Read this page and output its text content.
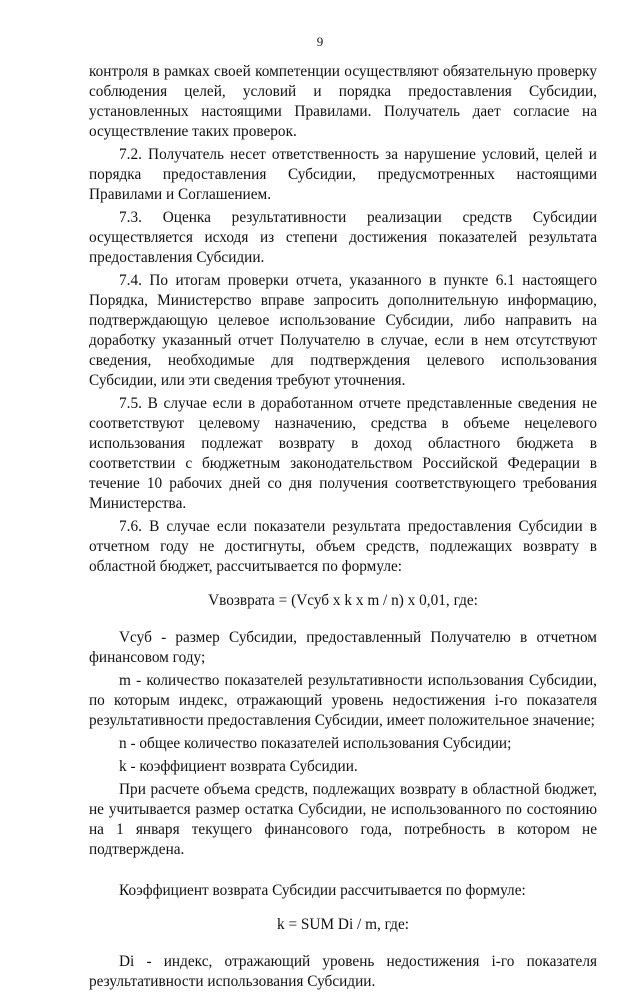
9

контроля в рамках своей компетенции осуществляют обязательную проверку соблюдения целей, условий и порядка предоставления Субсидии, установленных настоящими Правилами. Получатель дает согласие на осуществление таких проверок.

7.2. Получатель несет ответственность за нарушение условий, целей и порядка предоставления Субсидии, предусмотренных настоящими Правилами и Соглашением.

7.3. Оценка результативности реализации средств Субсидии осуществляется исходя из степени достижения показателей результата предоставления Субсидии.

7.4. По итогам проверки отчета, указанного в пункте 6.1 настоящего Порядка, Министерство вправе запросить дополнительную информацию, подтверждающую целевое использование Субсидии, либо направить на доработку указанный отчет Получателю в случае, если в нем отсутствуют сведения, необходимые для подтверждения целевого использования Субсидии, или эти сведения требуют уточнения.

7.5. В случае если в доработанном отчете представленные сведения не соответствуют целевому назначению, средства в объеме нецелевого использования подлежат возврату в доход областного бюджета в соответствии с бюджетным законодательством Российской Федерации в течение 10 рабочих дней со дня получения соответствующего требования Министерства.

7.6. В случае если показатели результата предоставления Субсидии в отчетном году не достигнуты, объем средств, подлежащих возврату в областной бюджет, рассчитывается по формуле:

Vвозврата = (Vсуб x k x m / n) x 0,01, где:

Vсуб - размер Субсидии, предоставленный Получателю в отчетном финансовом году;

m - количество показателей результативности использования Субсидии, по которым индекс, отражающий уровень недостижения i-го показателя результативности предоставления Субсидии, имеет положительное значение;

n - общее количество показателей использования Субсидии;

k - коэффициент возврата Субсидии.

При расчете объема средств, подлежащих возврату в областной бюджет, не учитывается размер остатка Субсидии, не использованного по состоянию на 1 января текущего финансового года, потребность в котором не подтверждена.

Коэффициент возврата Субсидии рассчитывается по формуле:

k = SUM Di / m, где:

Di - индекс, отражающий уровень недостижения i-го показателя результативности использования Субсидии.
